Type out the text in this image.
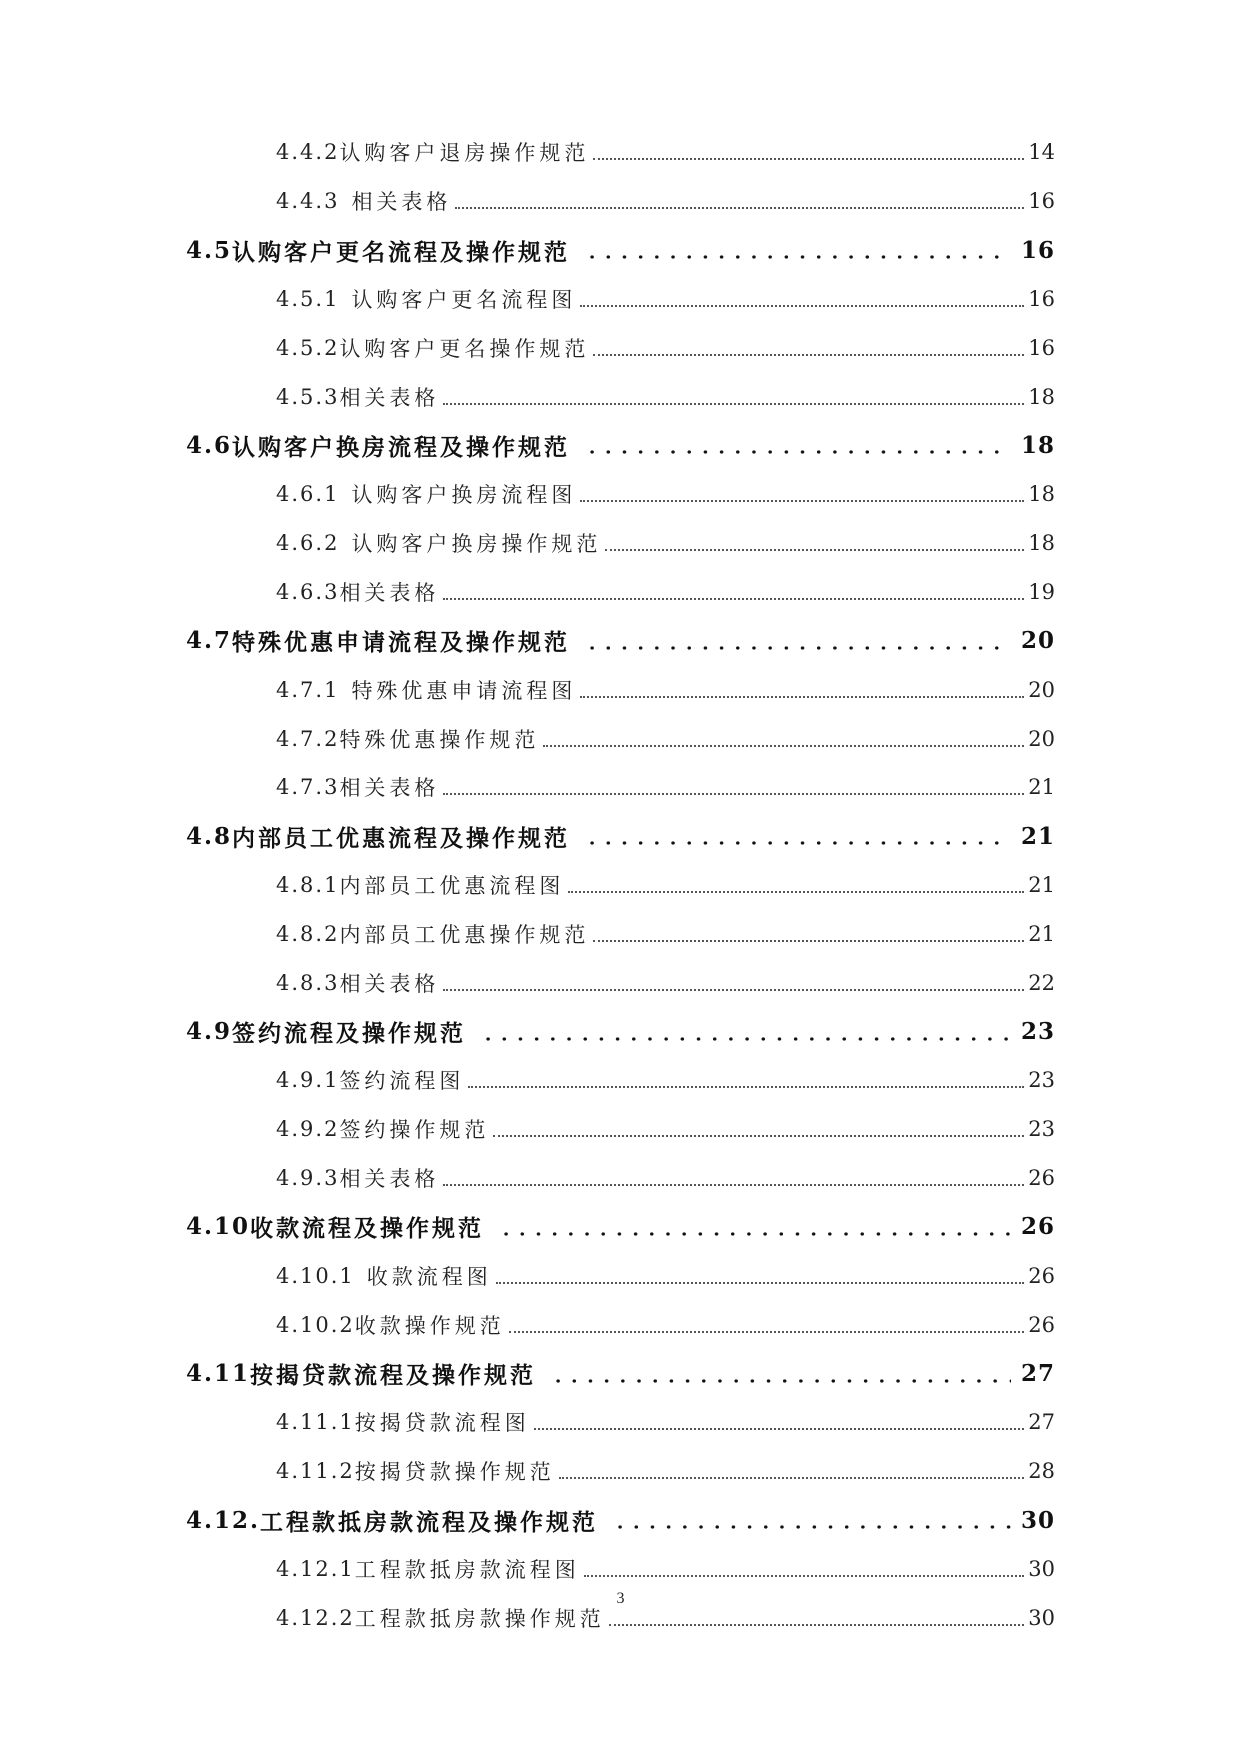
4.4.2 认购客户退房操作规范	14
4.4.3 相关表格	16
4.5 认购客户更名流程及操作规范	16
4.5.1 认购客户更名流程图	16
4.5.2 认购客户更名操作规范	16
4.5.3 相关表格	18
4.6 认购客户换房流程及操作规范	18
4.6.1 认购客户换房流程图	18
4.6.2 认购客户换房操作规范	18
4.6.3 相关表格	19
4.7 特殊优惠申请流程及操作规范	20
4.7.1 特殊优惠申请流程图	20
4.7.2 特殊优惠操作规范	20
4.7.3 相关表格	21
4.8 内部员工优惠流程及操作规范	21
4.8.1 内部员工优惠流程图	21
4.8.2 内部员工优惠操作规范	21
4.8.3 相关表格	22
4.9 签约流程及操作规范	23
4.9.1 签约流程图	23
4.9.2 签约操作规范	23
4.9.3 相关表格	26
4.10 收款流程及操作规范	26
4.10.1 收款流程图	26
4.10.2 收款操作规范	26
4.11 按揭贷款流程及操作规范	27
4.11.1 按揭贷款流程图	27
4.11.2 按揭贷款操作规范	28
4.12. 工程款抵房款流程及操作规范	30
4.12.1 工程款抵房款流程图	30
4.12.2 工程款抵房款操作规范	30
3
